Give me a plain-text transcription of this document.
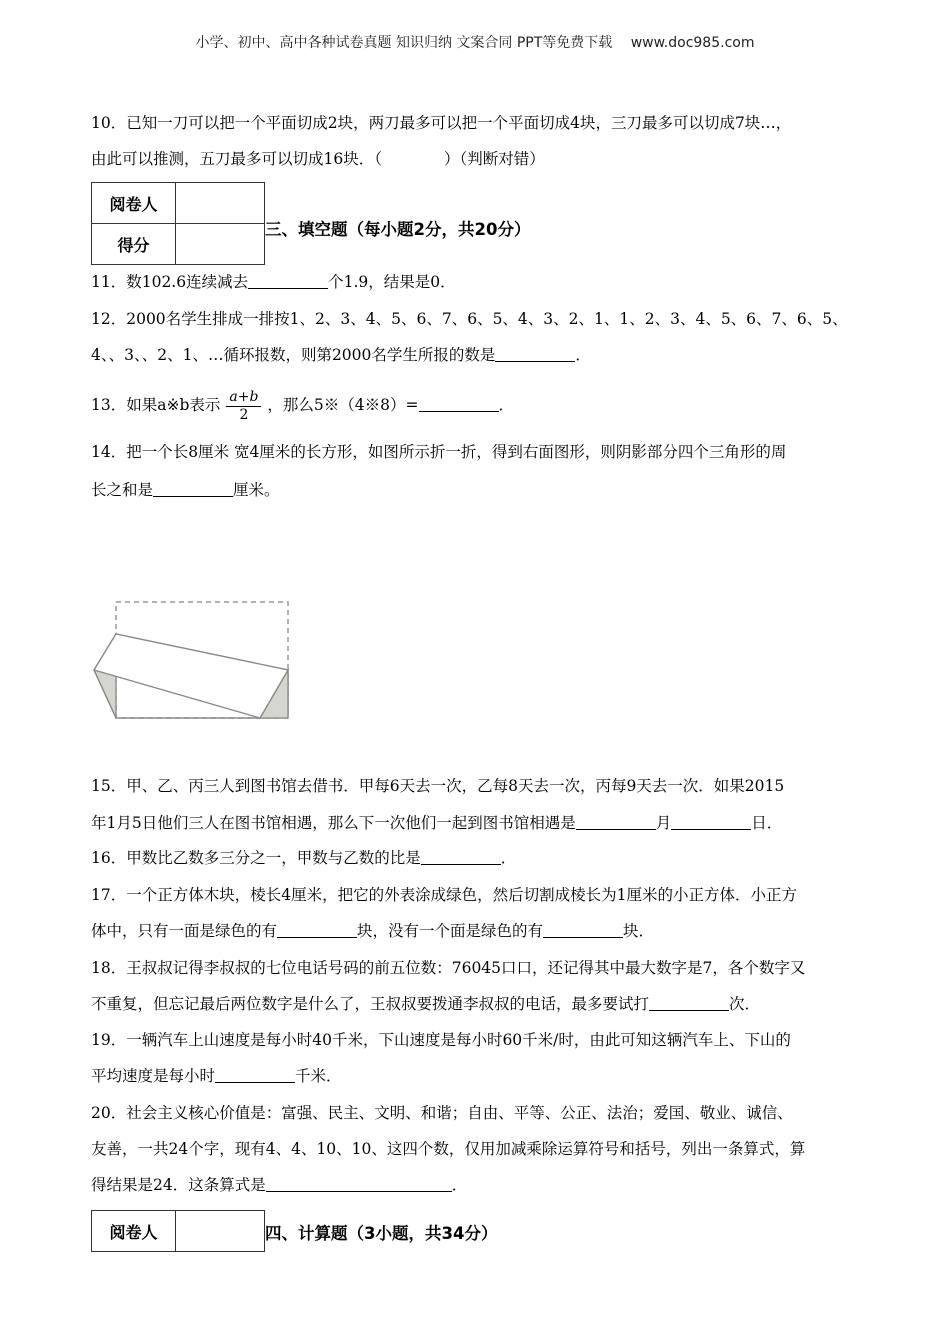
小学、初中、高中各种试卷真题 知识归纳 文案合同 PPT等免费下载　 www.doc985.com
10．已知一刀可以把一个平面切成2块，两刀最多可以把一个平面切成4块，三刀最多可以切成7块…，
由此可以推测，五刀最多可以切成16块．（	）（判断对错）
阅卷人	
得分	
三、填空题（每小题2分，共20分）
11．数102.6连续减去	个1.9，结果是0．
12．2000名学生排成一排按1、2、3、4、5、6、7、6、5、4、3、2、1、1、2、3、4、5、6、7、6、5、
4、、3、、2、1、…循环报数，则第2000名学生所报的数是	．
13．如果a※b表示 $\frac{a+b}{2}$ ，那么5※（4※8）=	．
14．把一个长8厘米 宽4厘米的长方形，如图所示折一折，得到右面图形，则阴影部分四个三角形的周
长之和是	厘米。
15．甲、乙、丙三人到图书馆去借书．甲每6天去一次，乙每8天去一次，丙每9天去一次．如果2015
年1月5日他们三人在图书馆相遇，那么下一次他们一起到图书馆相遇是	月	日．
16．甲数比乙数多三分之一，甲数与乙数的比是	．
17．一个正方体木块，棱长4厘米，把它的外表涂成绿色，然后切割成棱长为1厘米的小正方体．小正方
体中，只有一面是绿色的有	块，没有一个面是绿色的有	块．
18．王叔叔记得李叔叔的七位电话号码的前五位数：76045口口，还记得其中最大数字是7，各个数字又
不重复，但忘记最后两位数字是什么了，王叔叔要拨通李叔叔的电话，最多要试打	次．
19．一辆汽车上山速度是每小时40千米，下山速度是每小时60千米/时，由此可知这辆汽车上、下山的
平均速度是每小时	千米．
20．社会主义核心价值是：富强、民主、文明、和谐；自由、平等、公正、法治；爱国、敬业、诚信、
友善，一共24个字，现有4、4、10、10、这四个数，仅用加减乘除运算符号和括号，列出一条算式，算
得结果是24．这条算式是	．
阅卷人		四、计算题（3小题，共34分）
